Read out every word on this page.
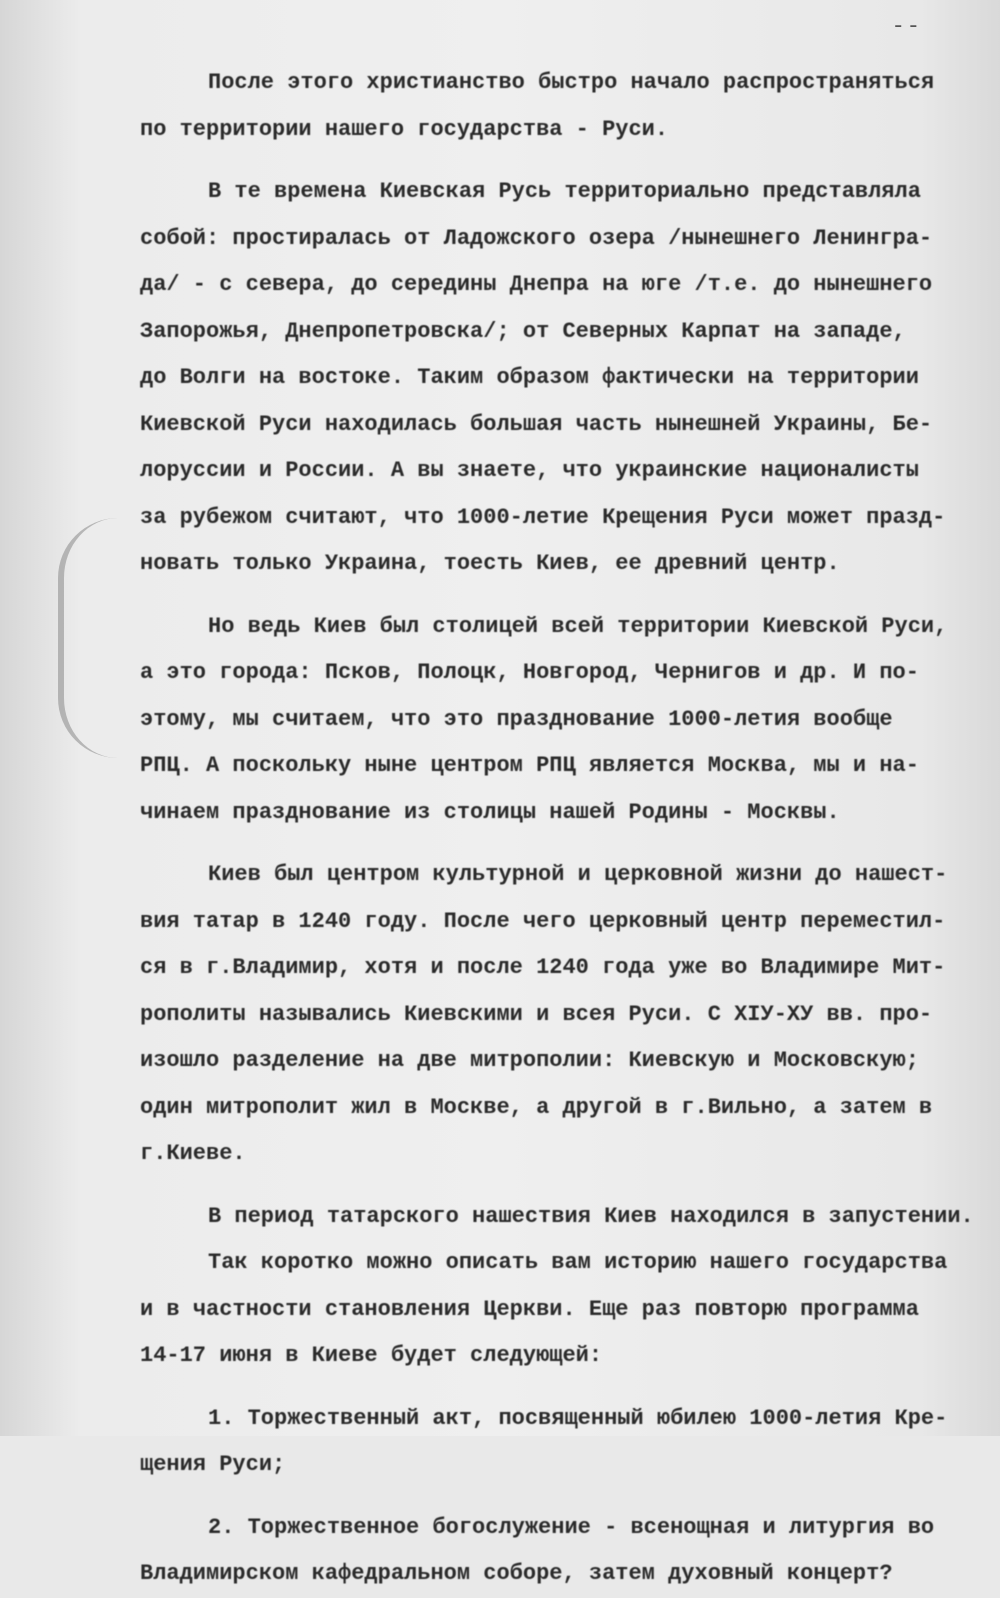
--
После этого христианство быстро начало распространяться
по территории нашего государства - Руси.
В те времена Киевская Русь территориально представляла
собой: простиралась от Ладожского озера /нынешнего Ленингра-
да/ - с севера, до середины Днепра на юге /т.е. до нынешнего
Запорожья, Днепропетровска/; от Северных Карпат на западе,
до Волги на востоке. Таким образом фактически на территории
Киевской Руси находилась большая часть нынешней Украины, Бе-
лоруссии и России. А вы знаете, что украинские националисты
за рубежом считают, что 1000-летие Крещения Руси может празд-
новать только Украина, тоесть Киев, ее древний центр.
Но ведь Киев был столицей всей территории Киевской Руси,
а это города: Псков, Полоцк, Новгород, Чернигов и др. И по-
этому, мы считаем, что это празднование 1000-летия вообще
РПЦ. А поскольку ныне центром РПЦ является Москва, мы и на-
чинаем празднование из столицы нашей Родины - Москвы.
Киев был центром культурной и церковной жизни до нашест-
вия татар в 1240 году. После чего церковный центр переместил-
ся в г.Владимир, хотя и после 1240 года уже во Владимире Мит-
рополиты назывались Киевскими и всея Руси. С XIУ-ХУ вв. про-
изошло разделение на две митрополии: Киевскую и Московскую;
один митрополит жил в Москве, а другой в г.Вильно, а затем в
г.Киеве.
В период татарского нашествия Киев находился в запустении.
Так коротко можно описать вам историю нашего государства
и в частности становления Церкви. Еще раз повторю программа
14-17 июня в Киеве будет следующей:
1. Торжественный акт, посвященный юбилею 1000-летия Кре-
щения Руси;
2. Торжественное богослужение - всенощная и литургия во
Владимирском кафедральном соборе, затем духовный концерт?
